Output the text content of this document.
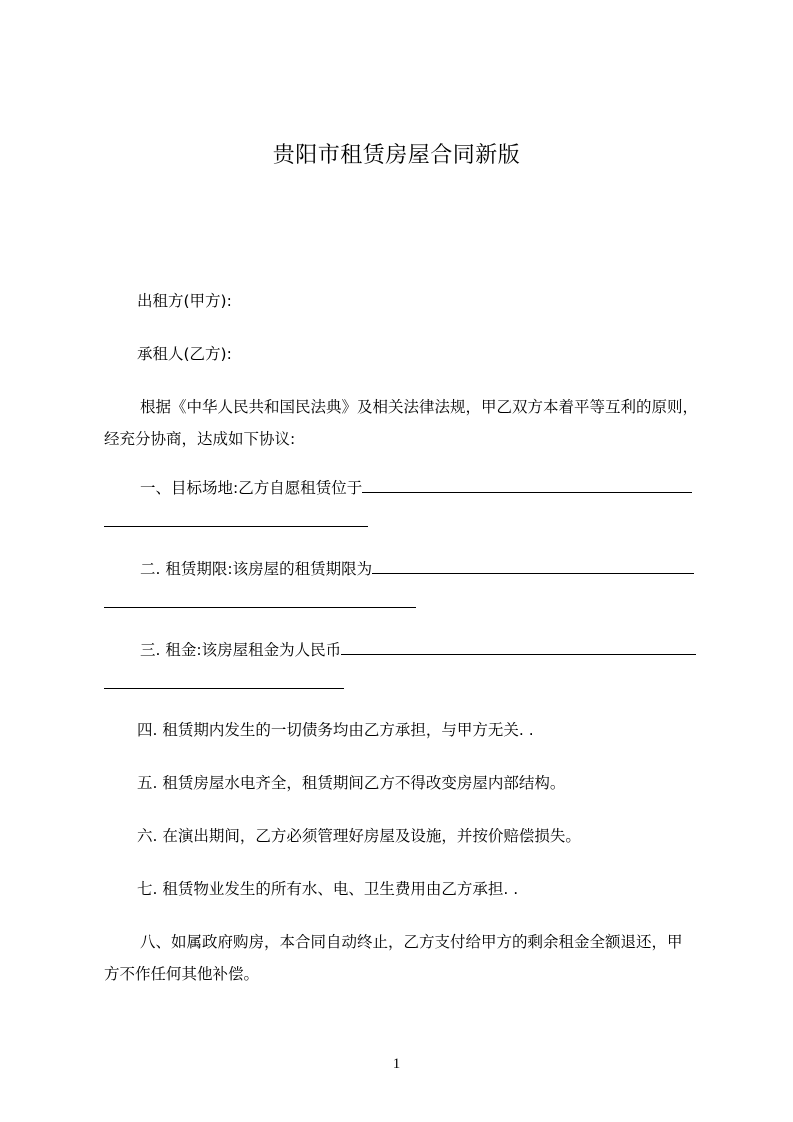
贵阳市租赁房屋合同新版
出租方(甲方):
承租人(乙方):
根据《中华人民共和国民法典》及相关法律法规，甲乙双方本着平等互利的原则，
经充分协商，达成如下协议:
一、目标场地:乙方自愿租赁位于
二. 租赁期限:该房屋的租赁期限为
三. 租金:该房屋租金为人民币
四. 租赁期内发生的一切债务均由乙方承担，与甲方无关. .
五. 租赁房屋水电齐全，租赁期间乙方不得改变房屋内部结构。
六. 在演出期间，乙方必须管理好房屋及设施，并按价赔偿损失。
七. 租赁物业发生的所有水、电、卫生费用由乙方承担. .
八、如属政府购房，本合同自动终止，乙方支付给甲方的剩余租金全额退还，甲
方不作任何其他补偿。
1
